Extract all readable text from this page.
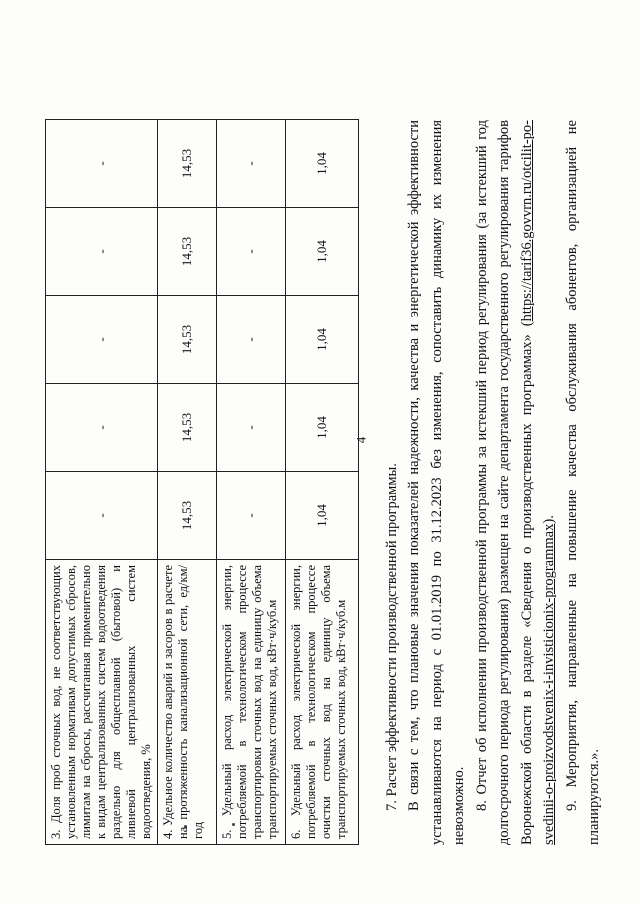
4
3. Доля проб сточных вод, не соответствующих установленным нормативам допустимых сбросов, лимитам на сбросы, рассчитанная применительно к видам централизованных систем водоотведения раздельно для общесплавной (бытовой) и ливневой централизованных систем водоотведения, %	-	-	-	-	-
4. Удельное количество аварий и засоров в расчете на протяженность канализационной сети, ед/км/год	14,53	14,53	14,53	14,53	14,53
5. Удельный расход электрической энергии, потребляемой в технологическом процессе транспортировки сточных вод на единицу объема транспортируемых сточных вод, кВт·ч/куб.м	-	-	-	-	-
6. Удельный расход электрической энергии, потребляемой в технологическом процессе очистки сточных вод на единицу объема транспортируемых сточных вод, кВт·ч/куб.м	1,04	1,04	1,04	1,04	1,04

7. Расчет эффективности производственной программы. В связи с тем, что плановые значения показателей надежности, качества и энергетической эффективности устанавливаются на период с 01.01.2019 по 31.12.2023 без изменения, сопоставить динамику их изменения невозможно. 8. Отчет об исполнении производственной программы за истекший период регулирования (за истекший год долгосрочного периода регулирования) размещен на сайте департамента государственного регулирования тарифов Воронежской области в разделе «Сведения о производственных программах» (https://tarif36.govvrn.ru/otcilit-po-svedinii-o-proizvodstvenix-i-invisticionix-programmax). 9. Мероприятия, направленные на повышение качества обслуживания абонентов, организацией не планируются.».
